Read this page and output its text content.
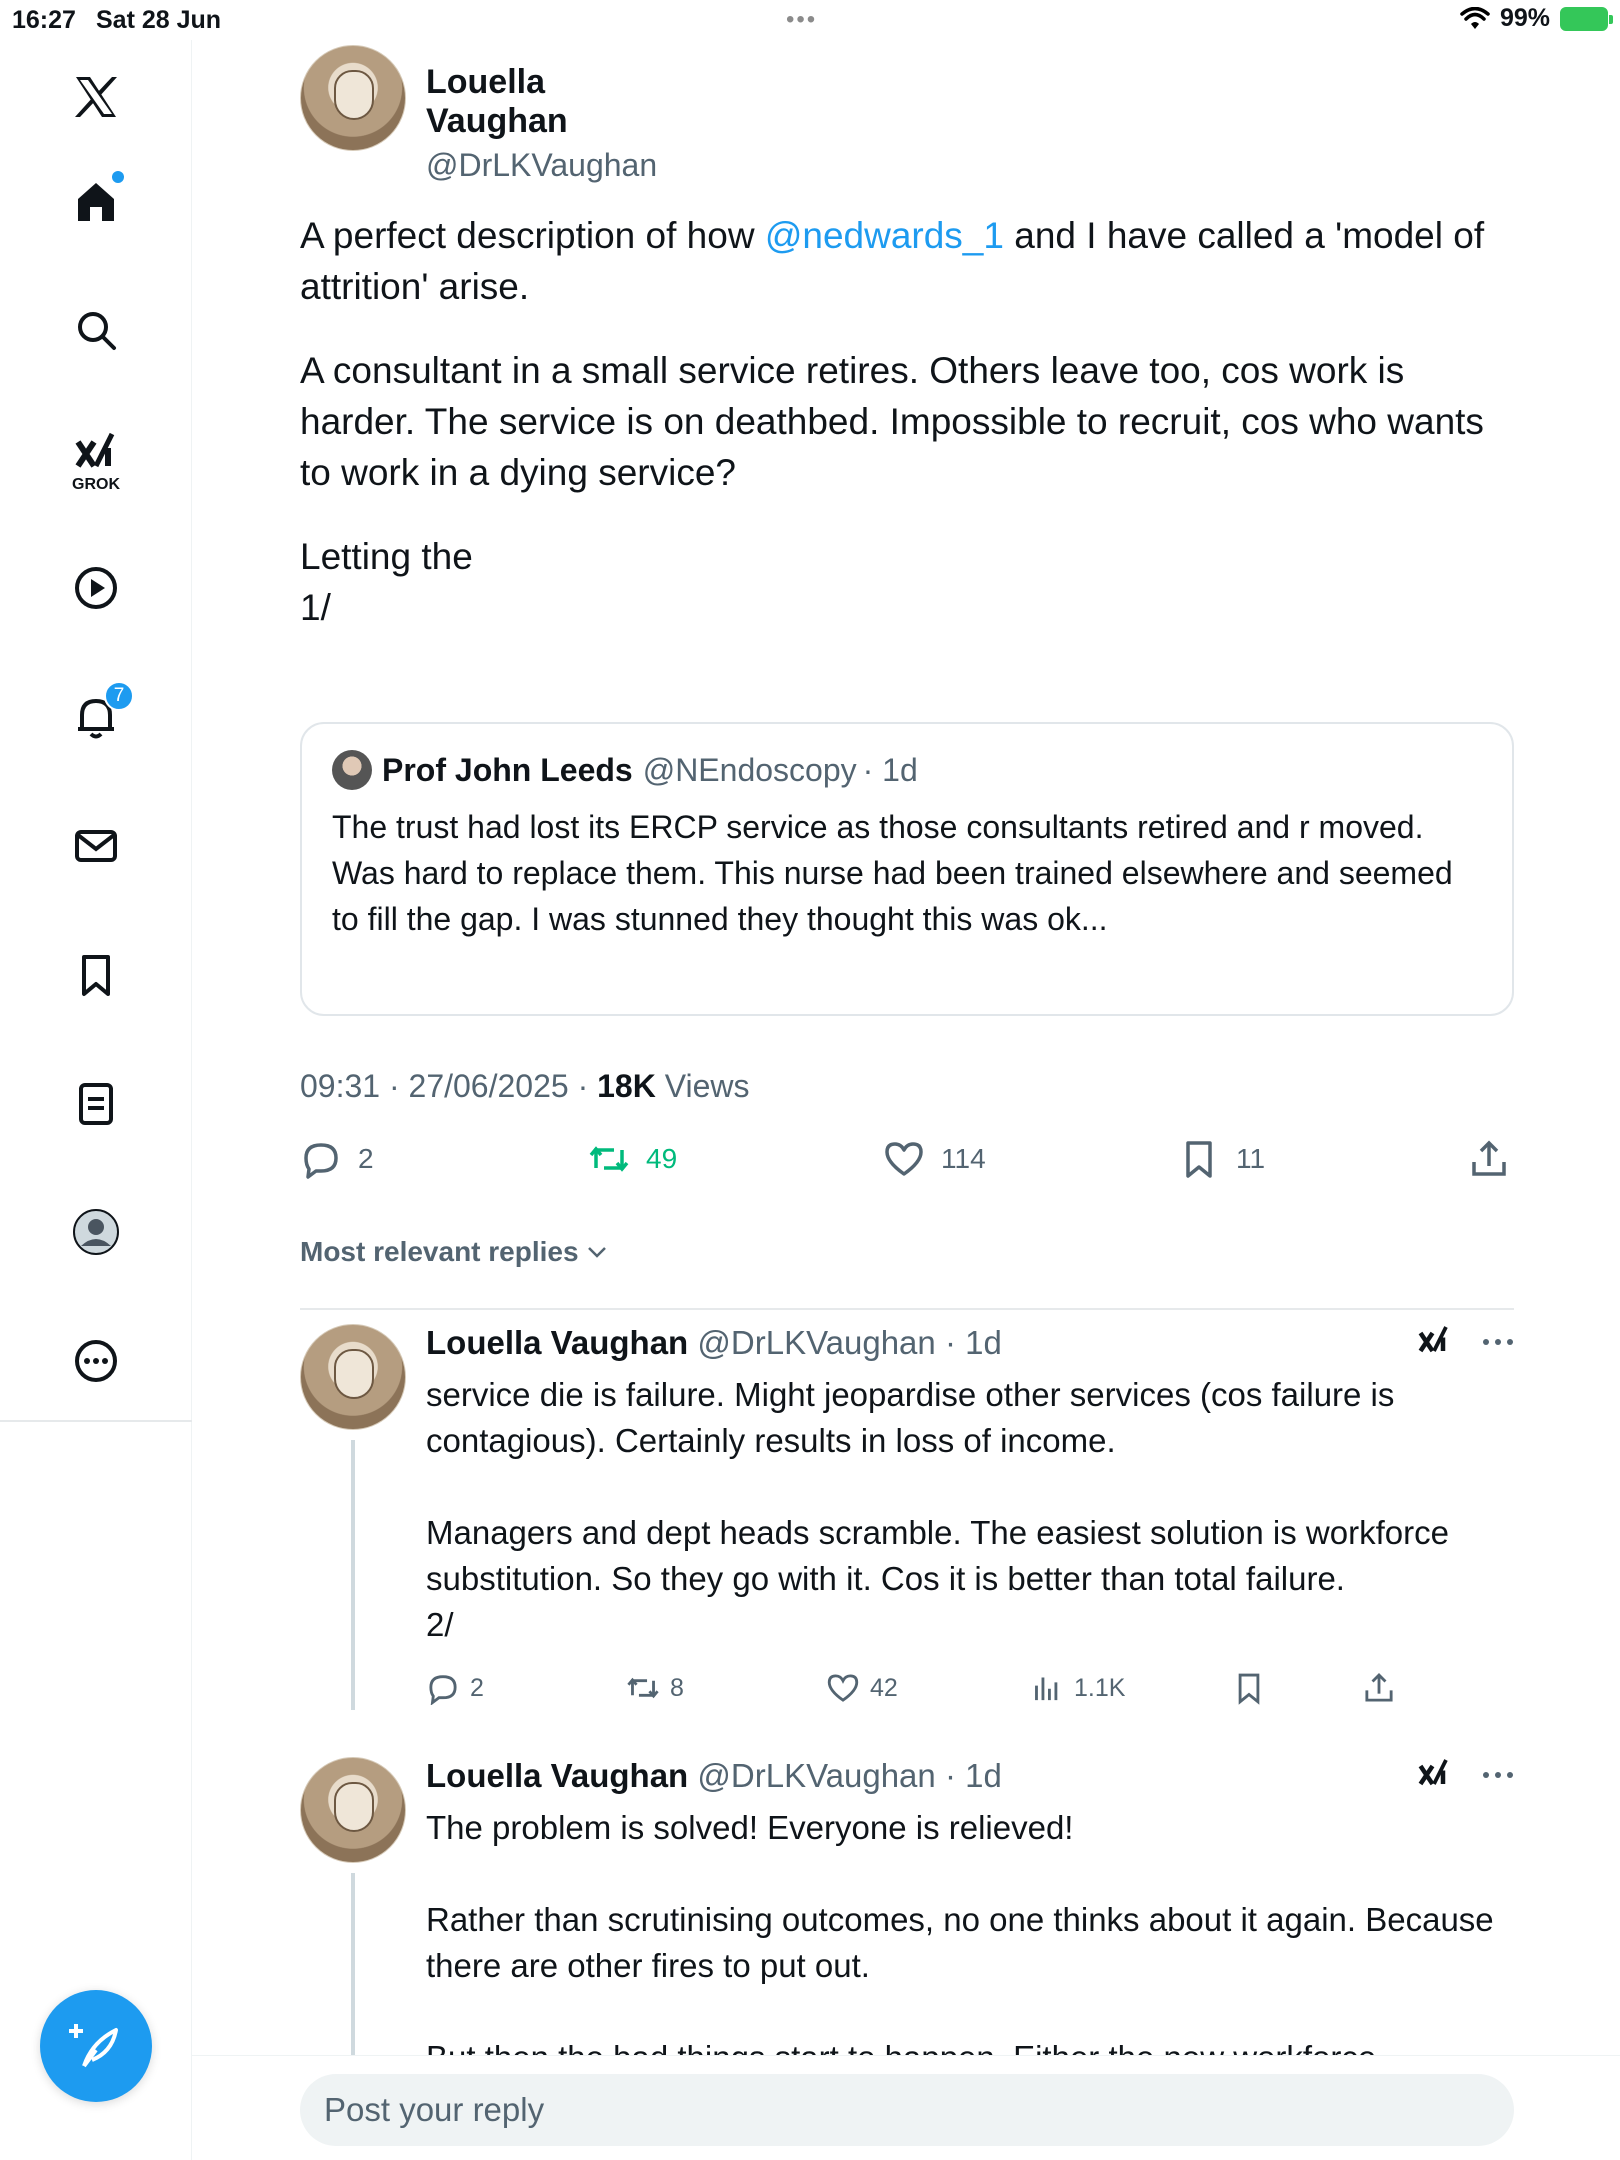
16:27 Sat 28 Jun	•••	99%
GROK
7
Louella Vaughan
@DrLKVaughan

A perfect description of how @nedwards_1 and I have called a 'model of attrition' arise.

A consultant in a small service retires. Others leave too, cos work is harder. The service is on deathbed. Impossible to recruit, cos who wants to work in a dying service?

Letting the
1/

Prof John Leeds @NEndoscopy · 1d
The trust had lost its ERCP service as those consultants retired and r moved. Was hard to replace them. This nurse had been trained elsewhere and seemed to fill the gap. I was stunned they thought this was ok...
09:31 · 27/06/2025 · 18K Views
2	49	114	11
Most relevant replies
Louella Vaughan @DrLKVaughan · 1d

service die is failure. Might jeopardise other services (cos failure is contagious). Certainly results in loss of income.

Managers and dept heads scramble. The easiest solution is workforce substitution. So they go with it. Cos it is better than total failure.
2/

2	8	42	1.1K
Louella Vaughan @DrLKVaughan · 1d

The problem is solved! Everyone is relieved!

Rather than scrutinising outcomes, no one thinks about it again. Because there are other fires to put out.

Post your reply
